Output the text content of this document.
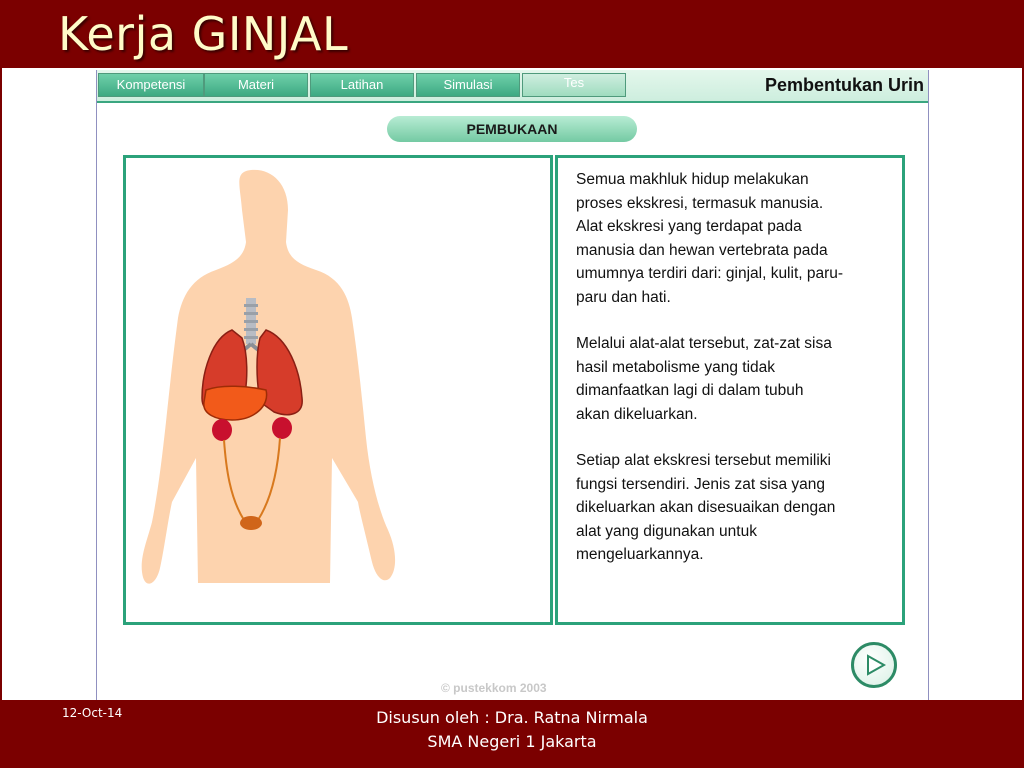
Kerja GINJAL
Kompetensi	Materi	Latihan	Simulasi	Tes	Pembentukan Urin
PEMBUKAAN

Semua makhluk hidup melakukan
proses ekskresi, termasuk manusia.
Alat ekskresi yang terdapat pada
manusia dan hewan vertebrata pada
umumnya terdiri dari: ginjal, kulit, paru-
paru dan hati.

Melalui alat-alat tersebut, zat-zat sisa
hasil metabolisme yang tidak
dimanfaatkan lagi di dalam tubuh
akan dikeluarkan.

Setiap alat ekskresi tersebut memiliki
fungsi tersendiri. Jenis zat sisa yang
dikeluarkan akan disesuaikan dengan
alat yang digunakan untuk
mengeluarkannya.

© pustekkom 2003
12-Oct-14	Disusun oleh : Dra. Ratna Nirmala
SMA Negeri 1 Jakarta
